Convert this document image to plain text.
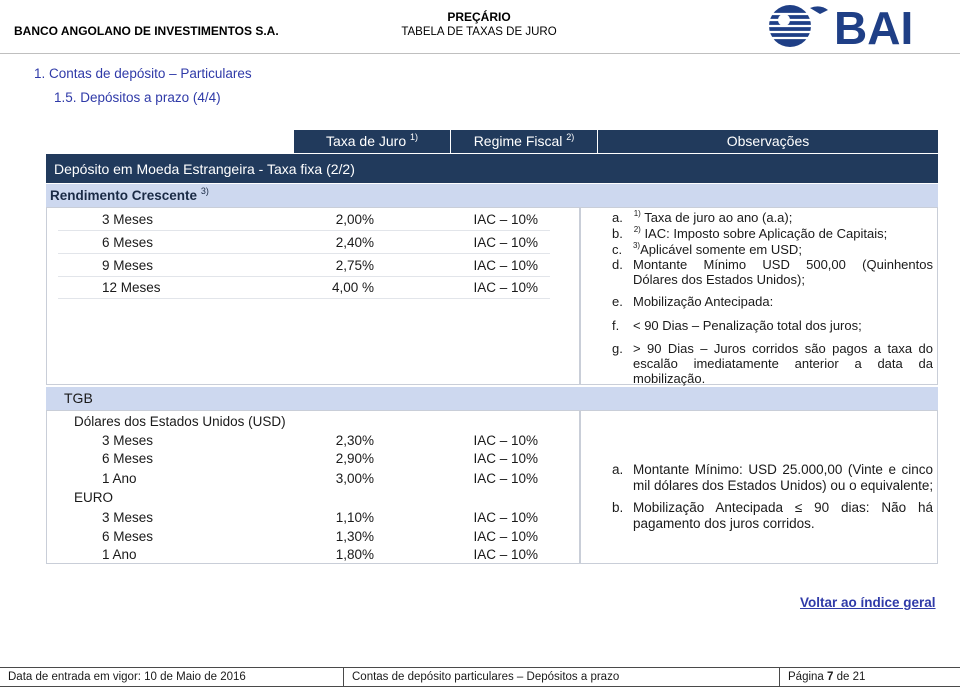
BANCO ANGOLANO DE INVESTIMENTOS S.A.
PREÇÁRIO
TABELA DE TAXAS DE JURO	BAI
1. Contas de depósito – Particulares
1.5. Depósitos a prazo (4/4)
Taxa de Juro $^{1)}$	Regime Fiscal $^{2)}$	Observações
Depósito em Moeda Estrangeira - Taxa fixa (2/2)
Rendimento Crescente $^{3)}$
3 Meses	2,00%	IAC – 10%
6 Meses	2,40%	IAC – 10%
9 Meses	2,75%	IAC – 10%
12 Meses	4,00 %	IAC – 10%
a. $^{1)}$ Taxa de juro ao ano (a.a);
b. $^{2)}$ IAC: Imposto sobre Aplicação de Capitais;
c. $^{3)}$Aplicável somente em USD;
d. Montante Mínimo USD 500,00 (Quinhentos
Dólares dos Estados Unidos);
e. Mobilização Antecipada:
f. < 90 Dias – Penalização total dos juros;
g. > 90 Dias – Juros corridos são pagos a taxa do
escalão imediatamente anterior a data da
mobilização.
TGB
Dólares dos Estados Unidos (USD)
3 Meses	2,30%	IAC – 10%
6 Meses	2,90%	IAC – 10%
1 Ano	3,00%	IAC – 10%
EURO
3 Meses	1,10%	IAC – 10%
6 Meses	1,30%	IAC – 10%
1 Ano	1,80%	IAC – 10%
a. Montante Mínimo: USD 25.000,00 (Vinte e cinco
mil dólares dos Estados Unidos) ou o equivalente;
b. Mobilização Antecipada ≤ 90 dias: Não há
pagamento dos juros corridos.
Voltar ao índice geral
Data de entrada em vigor: 10 de Maio de 2016	Contas de depósito particulares – Depósitos a prazo	Página 7 de 21
